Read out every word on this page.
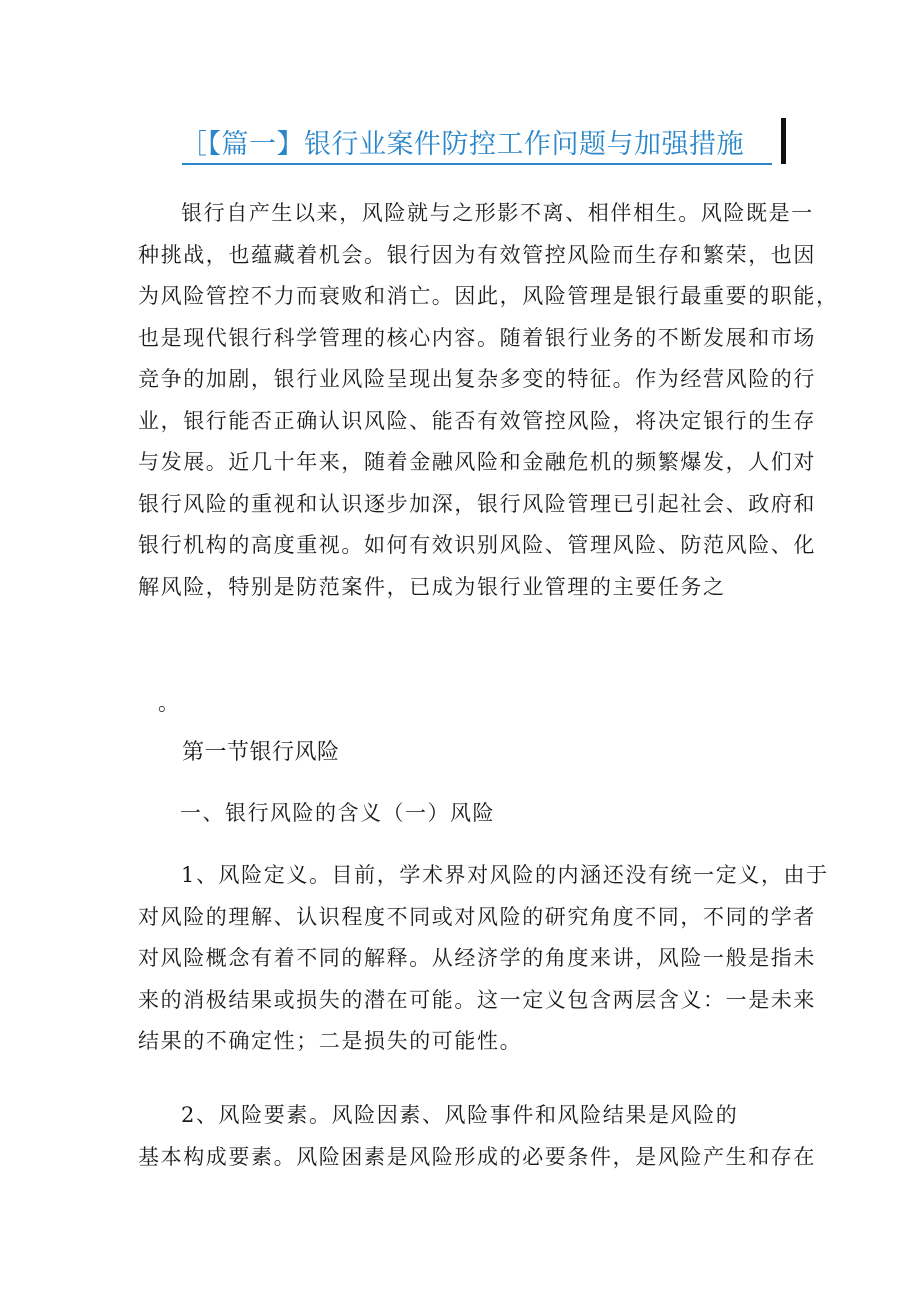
［【篇一】银行业案件防控工作问题与加强措施
银行自产生以来，风险就与之形影不离、相伴相生。风险既是一
种挑战，也蕴藏着机会。银行因为有效管控风险而生存和繁荣，也因
为风险管控不力而衰败和消亡。因此，风险管理是银行最重要的职能，
也是现代银行科学管理的核心内容。随着银行业务的不断发展和市场
竞争的加剧，银行业风险呈现出复杂多变的特征。作为经营风险的行
业，银行能否正确认识风险、能否有效管控风险，将决定银行的生存
与发展。近几十年来，随着金融风险和金融危机的频繁爆发，人们对
银行风险的重视和认识逐步加深，银行风险管理已引起社会、政府和
银行机构的高度重视。如何有效识别风险、管理风险、防范风险、化
解风险，特别是防范案件，已成为银行业管理的主要任务之

。

第一节银行风险

一、银行风险的含义（一）风险

1、风险定义。目前，学术界对风险的内涵还没有统一定义，由于
对风险的理解、认识程度不同或对风险的研究角度不同，不同的学者
对风险概念有着不同的解释。从经济学的角度来讲，风险一般是指未
来的消极结果或损失的潜在可能。这一定义包含两层含义：一是未来
结果的不确定性；二是损失的可能性。
2、风险要素。风险因素、风险事件和风险结果是风险的
基本构成要素。风险困素是风险形成的必要条件，是风险产生和存在
